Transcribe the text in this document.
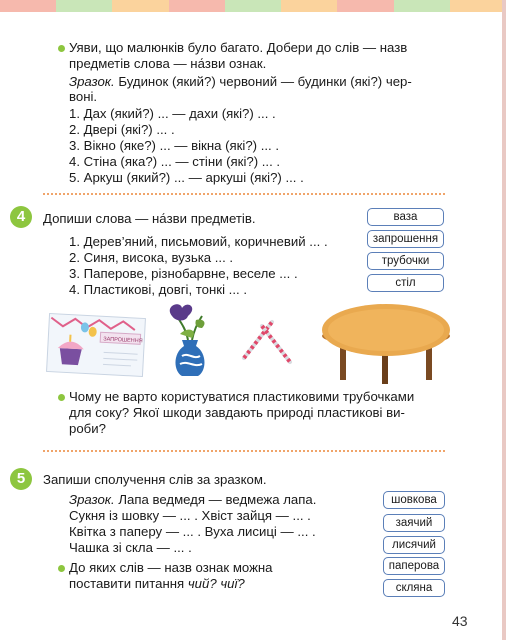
Уяви, що малюнків було багато. Добери до слів — назв
предметів слова — на́зви ознак.
Зразок. Будинок (який?) червоний — будинки (які?) чер-
воні.
1. Дах (який?) ... — дахи (які?) ... .
2. Двері (які?) ... .
3. Вікно (яке?) ... — вікна (які?) ... .
4. Стіна (яка?) ... — стіни (які?) ... .
5. Аркуш (який?) ... — аркуші (які?) ... .
4	Допиши слова — на́зви предметів.
1. Дерев’яний, письмовий, коричневий ... .
2. Синя, висока, вузька ... .
3. Паперове, різнобарвне, веселе ... .
4. Пластикові, довгі, тонкі ... .
ваза
запрошення
трубочки
стіл
ЗАПРОШЕННЯ
Чому не варто користуватися пластиковими трубочками
для соку? Якої шкоди завдають природі пластикові ви-
роби?
5	Запиши сполучення слів за зразком.
Зразок. Лапа ведмедя — ведмежа лапа.
Сукня із шовку — ... . Хвіст зайця — ... .
Квітка з паперу — ... . Вуха лисиці — ... .
Чашка зі скла — ... .
До яких слів — назв ознак можна
поставити питання чий? чиї?
шовкова
заячий
лисячий
паперова
скляна
43
